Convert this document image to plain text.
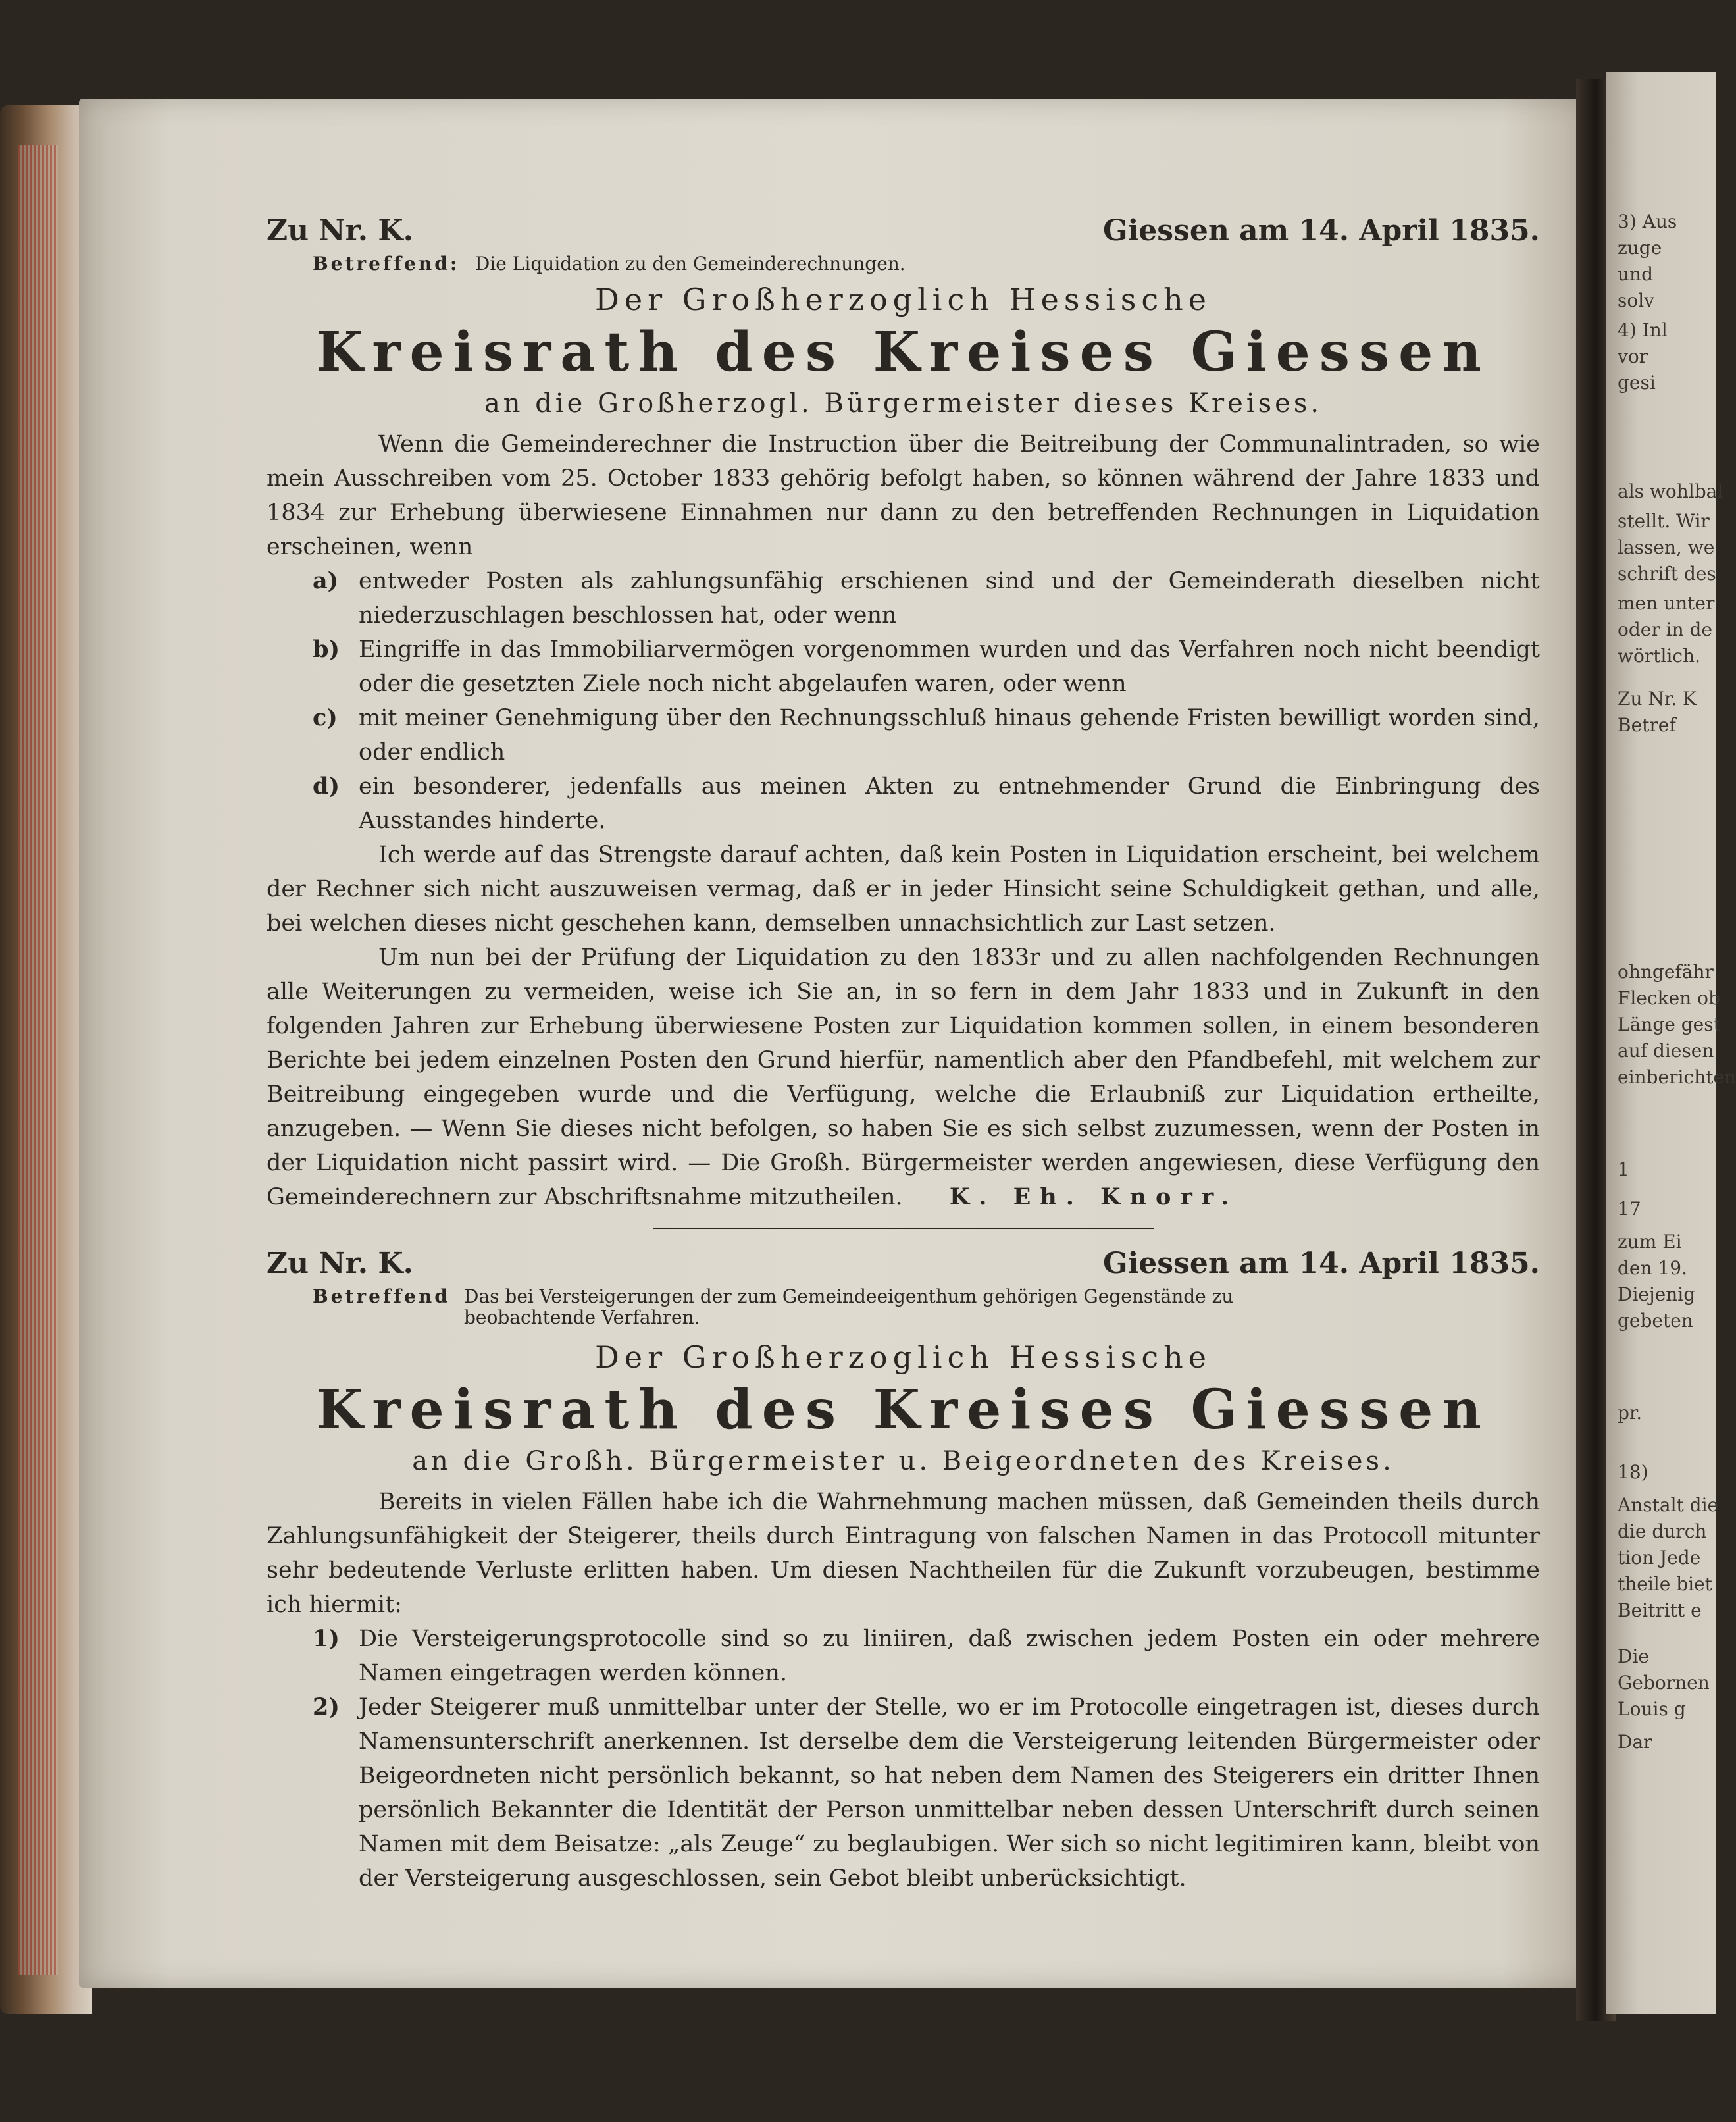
3) Aus
zuge
und
solv
4) Inl
vor
gesi
als wohlbal
stellt. Wir
lassen, we
schrift des
men unter
oder in de
wörtlich.
Zu Nr. K
Betref
ohngefähr
Flecken ob
Länge gest
auf diesen
einberichten
1
17
zum Ei
den 19.
Diejenig
gebeten
pr.
18)
Anstalt die
die durch
tion Jede
theile biet
Beitritt e
Die
Gebornen
Louis g
Dar
Zu Nr. K.	Giessen am 14. April 1835.
Betreffend: Die Liquidation zu den Gemeinderechnungen.
Der Großherzoglich Hessische
Kreisrath des Kreises Giessen
an die Großherzogl. Bürgermeister dieses Kreises.

Wenn die Gemeinderechner die Instruction über die Beitreibung der Communalintraden, so wie mein Ausschreiben vom 25. October 1833 gehörig befolgt haben, so können während der Jahre 1833 und 1834 zur Erhebung überwiesene Einnahmen nur dann zu den betreffenden Rechnungen in Liquidation erscheinen, wenn

a) entweder Posten als zahlungsunfähig erschienen sind und der Gemeinderath dieselben nicht niederzuschlagen beschlossen hat, oder wenn
b) Eingriffe in das Immobiliarvermögen vorgenommen wurden und das Verfahren noch nicht beendigt oder die gesetzten Ziele noch nicht abgelaufen waren, oder wenn
c) mit meiner Genehmigung über den Rechnungsschluß hinaus gehende Fristen bewilligt worden sind, oder endlich
d) ein besonderer, jedenfalls aus meinen Akten zu entnehmender Grund die Einbringung des Ausstandes hinderte.

Ich werde auf das Strengste darauf achten, daß kein Posten in Liquidation erscheint, bei welchem der Rechner sich nicht auszuweisen vermag, daß er in jeder Hinsicht seine Schuldigkeit gethan, und alle, bei welchen dieses nicht geschehen kann, demselben unnachsichtlich zur Last setzen.

Um nun bei der Prüfung der Liquidation zu den 1833r und zu allen nachfolgenden Rechnungen alle Weiterungen zu vermeiden, weise ich Sie an, in so fern in dem Jahr 1833 und in Zukunft in den folgenden Jahren zur Erhebung überwiesene Posten zur Liquidation kommen sollen, in einem besonderen Berichte bei jedem einzelnen Posten den Grund hierfür, namentlich aber den Pfandbefehl, mit welchem zur Beitreibung eingegeben wurde und die Verfügung, welche die Erlaubniß zur Liquidation ertheilte, anzugeben. — Wenn Sie dieses nicht befolgen, so haben Sie es sich selbst zuzumessen, wenn der Posten in der Liquidation nicht passirt wird. — Die Großh. Bürgermeister werden angewiesen, diese Verfügung den Gemeinderechnern zur Abschriftsnahme mitzutheilen. K. Eh. Knorr.

Zu Nr. K.	Giessen am 14. April 1835.
Betreffend Das bei Versteigerungen der zum Gemeindeeigenthum gehörigen Gegenstände zu beobachtende Verfahren.
Der Großherzoglich Hessische
Kreisrath des Kreises Giessen
an die Großh. Bürgermeister u. Beigeordneten des Kreises.

Bereits in vielen Fällen habe ich die Wahrnehmung machen müssen, daß Gemeinden theils durch Zahlungsunfähigkeit der Steigerer, theils durch Eintragung von falschen Namen in das Protocoll mitunter sehr bedeutende Verluste erlitten haben. Um diesen Nachtheilen für die Zukunft vorzubeugen, bestimme ich hiermit:

1) Die Versteigerungsprotocolle sind so zu liniiren, daß zwischen jedem Posten ein oder mehrere Namen eingetragen werden können.
2) Jeder Steigerer muß unmittelbar unter der Stelle, wo er im Protocolle eingetragen ist, dieses durch Namensunterschrift anerkennen. Ist derselbe dem die Versteigerung leitenden Bürgermeister oder Beigeordneten nicht persönlich bekannt, so hat neben dem Namen des Steigerers ein dritter Ihnen persönlich Bekannter die Identität der Person unmittelbar neben dessen Unterschrift durch seinen Namen mit dem Beisatze: „als Zeuge“ zu beglaubigen. Wer sich so nicht legitimiren kann, bleibt von der Versteigerung ausgeschlossen, sein Gebot bleibt unberücksichtigt.
